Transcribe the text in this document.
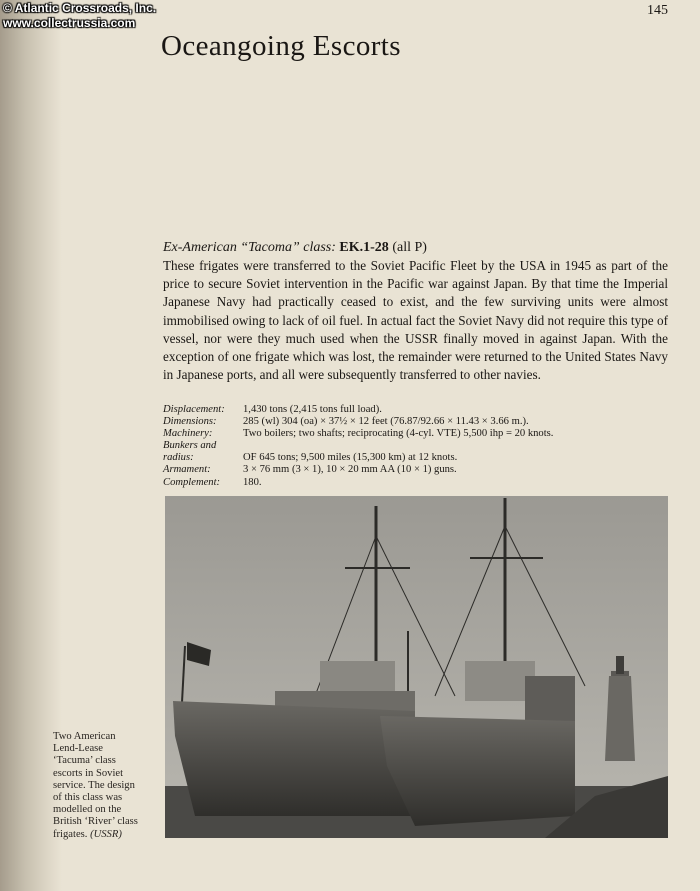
© Atlantic Crossroads, Inc.
www.collectrussia.com
145
Oceangoing Escorts
Ex-American “Tacoma” class: EK.1-28 (all P)

These frigates were transferred to the Soviet Pacific Fleet by the USA in 1945 as part of the price to secure Soviet intervention in the Pacific war against Japan. By that time the Imperial Japanese Navy had practically ceased to exist, and the few surviving units were almost immobilised owing to lack of oil fuel. In actual fact the Soviet Navy did not require this type of vessel, nor were they much used when the USSR finally moved in against Japan. With the exception of one frigate which was lost, the remainder were returned to the United States Navy in Japanese ports, and all were subsequently transferred to other navies.

Displacement:	1,430 tons (2,415 tons full load).
Dimensions:	285 (wl) 304 (oa) × 37½ × 12 feet (76.87/92.66 × 11.43 × 3.66 m.).
Machinery:	Two boilers; two shafts; reciprocating (4-cyl. VTE) 5,500 ihp = 20 knots.
Bunkers and
radius:	OF 645 tons; 9,500 miles (15,300 km) at 12 knots.
Armament:	3 × 76 mm (3 × 1), 10 × 20 mm AA (10 × 1) guns.
Complement:	180.

Two American Lend-Lease ‘Tacuma’ class escorts in Soviet service. The design of this class was modelled on the British ‘River’ class frigates. (USSR)
